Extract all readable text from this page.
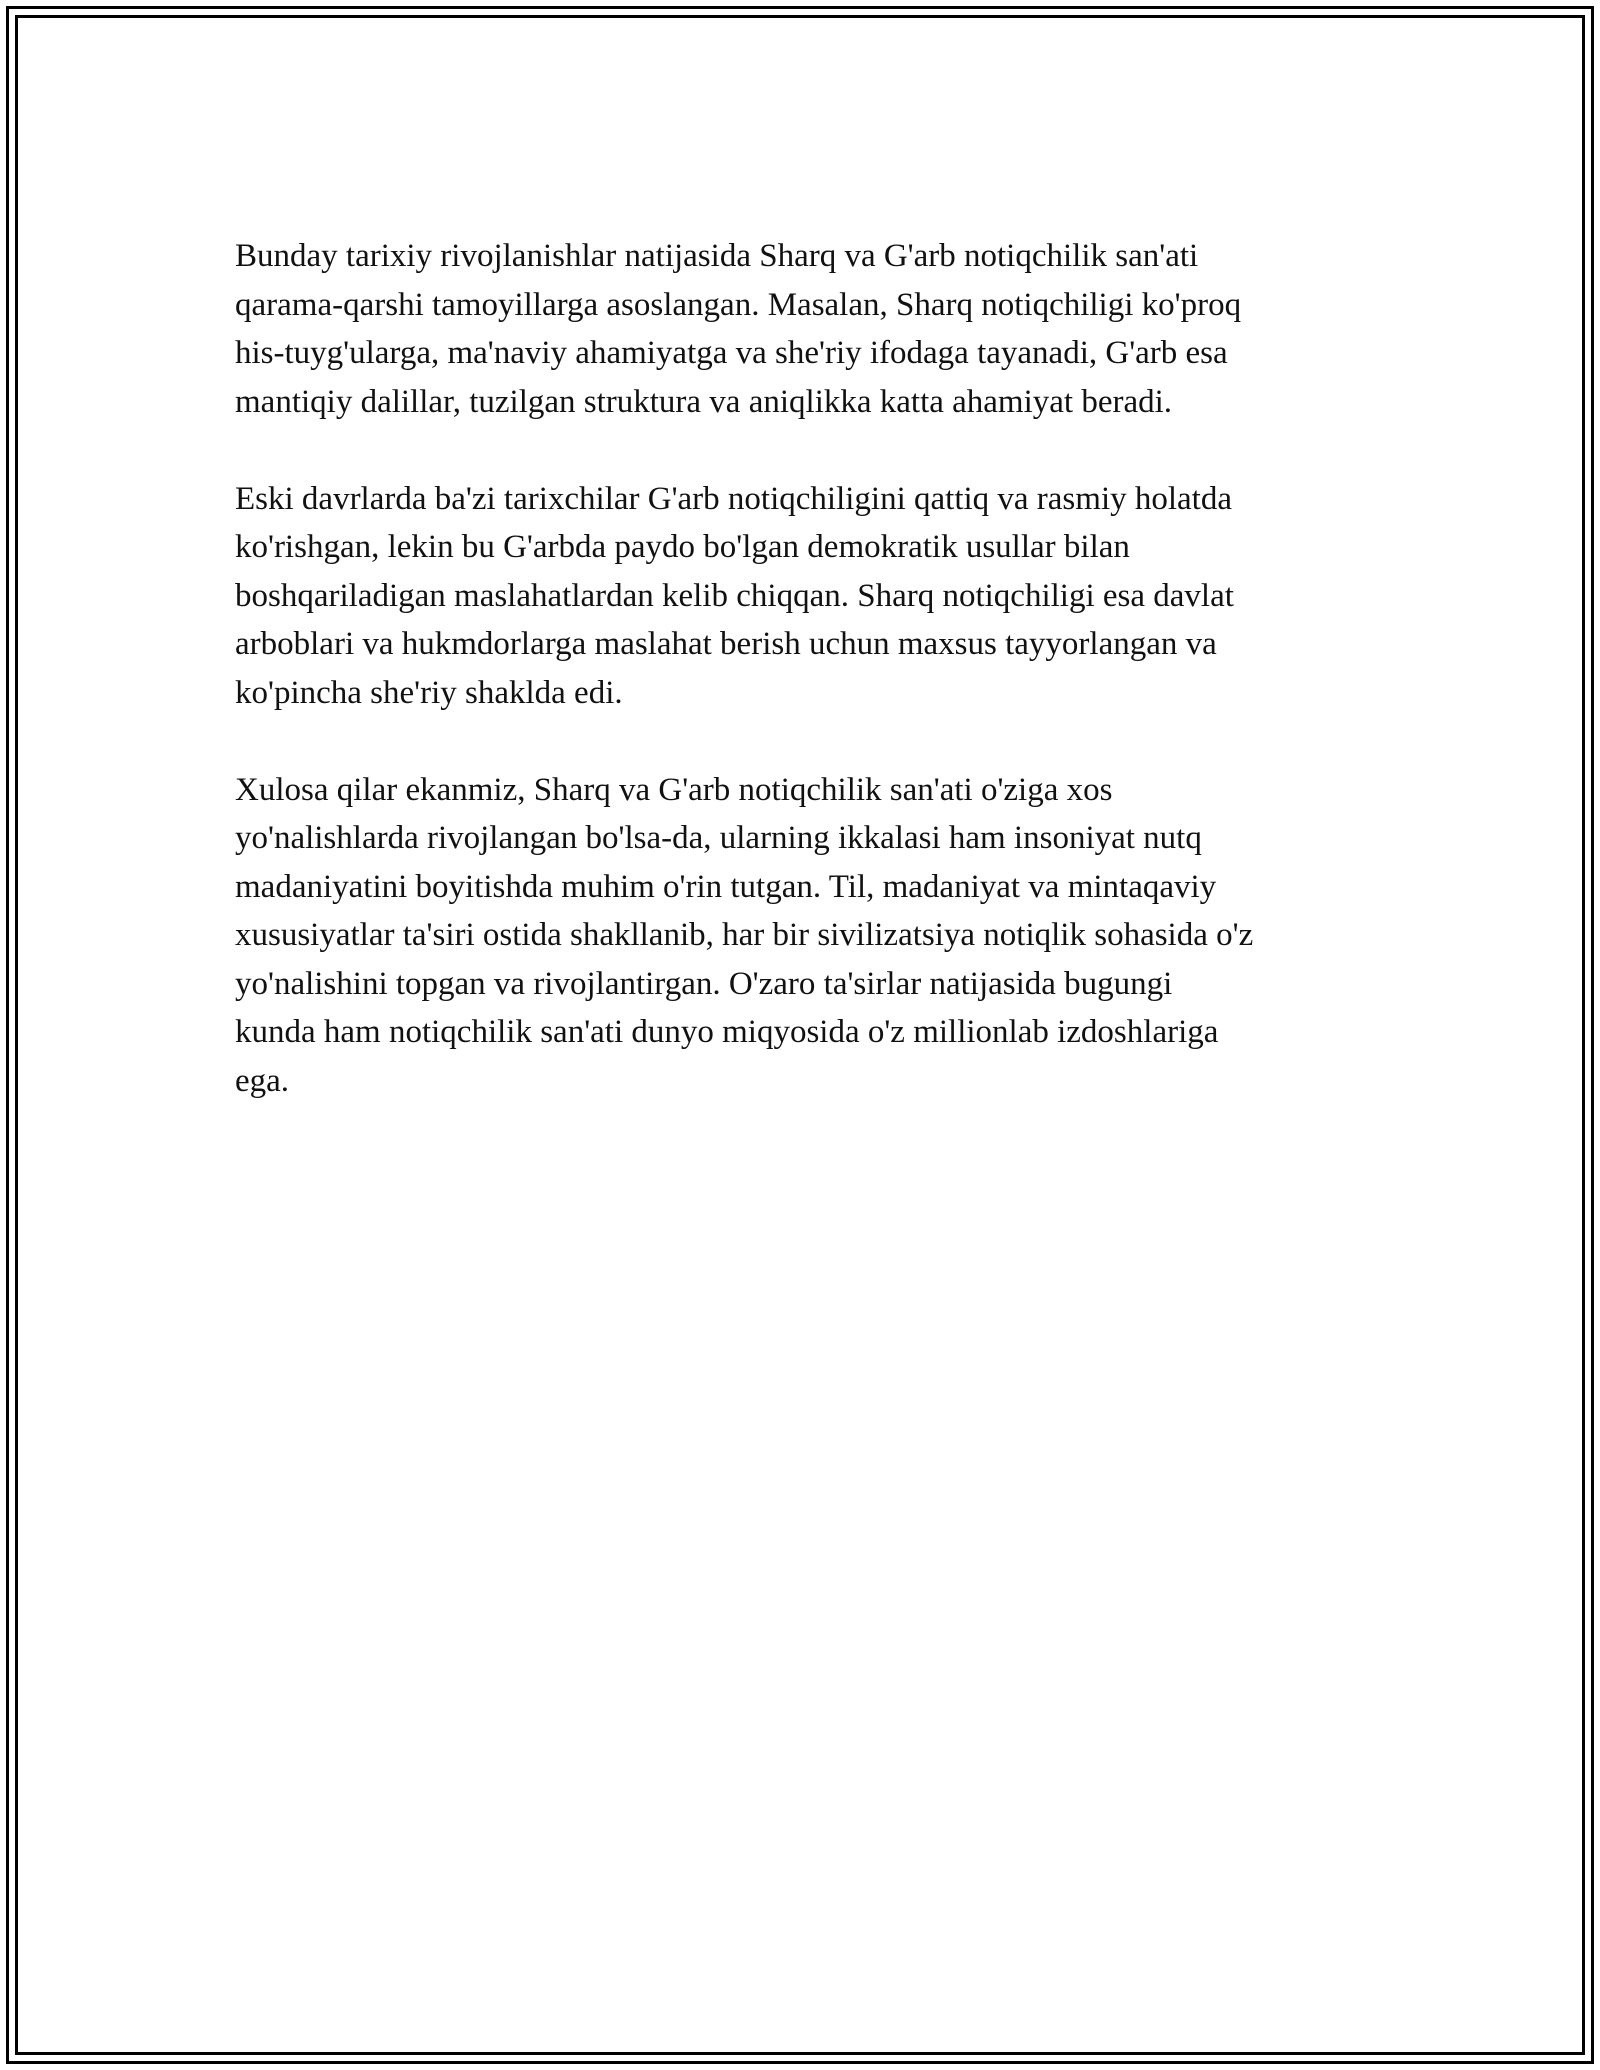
Bunday tarixiy rivojlanishlar natijasida Sharq va G'arb notiqchilik san'ati
qarama-qarshi tamoyillarga asoslangan. Masalan, Sharq notiqchiligi ko'proq
his-tuyg'ularga, ma'naviy ahamiyatga va she'riy ifodaga tayanadi, G'arb esa
mantiqiy dalillar, tuzilgan struktura va aniqlikka katta ahamiyat beradi.

Eski davrlarda ba'zi tarixchilar G'arb notiqchiligini qattiq va rasmiy holatda
ko'rishgan, lekin bu G'arbda paydo bo'lgan demokratik usullar bilan
boshqariladigan maslahatlardan kelib chiqqan. Sharq notiqchiligi esa davlat
arboblari va hukmdorlarga maslahat berish uchun maxsus tayyorlangan va
ko'pincha she'riy shaklda edi.

Xulosa qilar ekanmiz, Sharq va G'arb notiqchilik san'ati o'ziga xos
yo'nalishlarda rivojlangan bo'lsa-da, ularning ikkalasi ham insoniyat nutq
madaniyatini boyitishda muhim o'rin tutgan. Til, madaniyat va mintaqaviy
xususiyatlar ta'siri ostida shakllanib, har bir sivilizatsiya notiqlik sohasida o'z
yo'nalishini topgan va rivojlantirgan. O'zaro ta'sirlar natijasida bugungi
kunda ham notiqchilik san'ati dunyo miqyosida o'z millionlab izdoshlariga
ega.
